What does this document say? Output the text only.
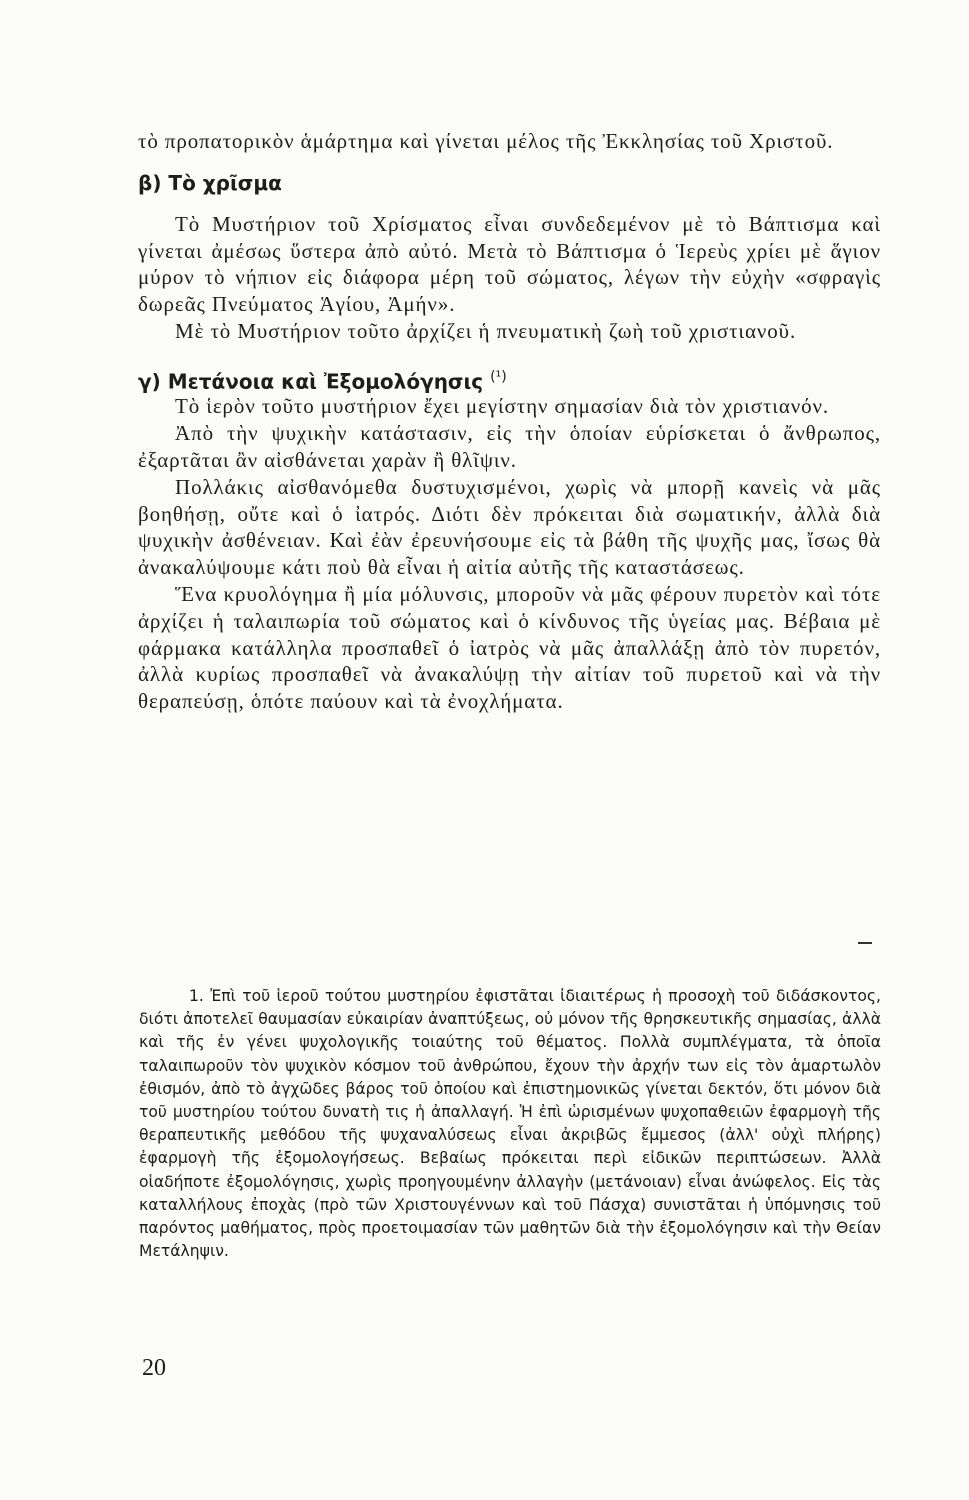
τὸ προπατορικὸν ἁμάρτημα καὶ γίνεται μέλος τῆς Ἐκκλησίας τοῦ Χριστοῦ.

β) Τὸ χρῖσμα

Τὸ Μυστήριον τοῦ Χρίσματος εἶναι συνδεδεμένον μὲ τὸ Βάπτισμα καὶ γίνεται ἀμέσως ὕστερα ἀπὸ αὐτό. Μετὰ τὸ Βάπτισμα ὁ Ἱερεὺς χρίει μὲ ἅγιον μύρον τὸ νήπιον εἰς διάφορα μέρη τοῦ σώματος, λέγων τὴν εὐχὴν «σφραγὶς δωρεᾶς Πνεύματος Ἁγίου, Ἀμήν».

Μὲ τὸ Μυστήριον τοῦτο ἀρχίζει ἡ πνευματικὴ ζωὴ τοῦ χριστιανοῦ.

γ) Μετάνοια καὶ Ἐξομολόγησις $^{(^1)}$

Τὸ ἱερὸν τοῦτο μυστήριον ἔχει μεγίστην σημασίαν διὰ τὸν χριστιανόν.

Ἀπὸ τὴν ψυχικὴν κατάστασιν, εἰς τὴν ὁποίαν εὑρίσκεται ὁ ἄνθρωπος, ἐξαρτᾶται ἂν αἰσθάνεται χαρὰν ἢ θλῖψιν.

Πολλάκις αἰσθανόμεθα δυστυχισμένοι, χωρὶς νὰ μπορῇ κανεὶς νὰ μᾶς βοηθήσῃ, οὔτε καὶ ὁ ἰατρός. Διότι δὲν πρόκειται διὰ σωματικήν, ἀλλὰ διὰ ψυχικὴν ἀσθένειαν. Καὶ ἐὰν ἐρευνήσουμε εἰς τὰ βάθη τῆς ψυχῆς μας, ἴσως θὰ ἀνακαλύψουμε κάτι ποὺ θὰ εἶναι ἡ αἰτία αὐτῆς τῆς καταστάσεως.

Ἕνα κρυολόγημα ἢ μία μόλυνσις, μποροῦν νὰ μᾶς φέρουν πυρετὸν καὶ τότε ἀρχίζει ἡ ταλαιπωρία τοῦ σώματος καὶ ὁ κίνδυνος τῆς ὑγείας μας. Βέβαια μὲ φάρμακα κατάλληλα προσπαθεῖ ὁ ἰατρὸς νὰ μᾶς ἀπαλλάξῃ ἀπὸ τὸν πυρετόν, ἀλλὰ κυρίως προσπαθεῖ νὰ ἀνακαλύψῃ τὴν αἰτίαν τοῦ πυρετοῦ καὶ νὰ τὴν θεραπεύσῃ, ὁπότε παύουν καὶ τὰ ἐνοχλήματα.

1. Ἐπὶ τοῦ ἱεροῦ τούτου μυστηρίου ἐφιστᾶται ἰδιαιτέρως ἡ προσοχὴ τοῦ διδάσκοντος, διότι ἀποτελεῖ θαυμασίαν εὐκαιρίαν ἀναπτύξεως, οὐ μόνον τῆς θρησκευτικῆς σημασίας, ἀλλὰ καὶ τῆς ἐν γένει ψυχολογικῆς τοιαύτης τοῦ θέματος. Πολλὰ συμπλέγματα, τὰ ὁποῖα ταλαιπωροῦν τὸν ψυχικὸν κόσμον τοῦ ἀνθρώπου, ἔχουν τὴν ἀρχήν των εἰς τὸν ἁμαρτωλὸν ἐθισμόν, ἀπὸ τὸ ἀγχῶδες βάρος τοῦ ὁποίου καὶ ἐπιστημονικῶς γίνεται δεκτόν, ὅτι μόνον διὰ τοῦ μυστηρίου τούτου δυνατὴ τις ἡ ἀπαλλαγή. Ἡ ἐπὶ ὡρισμένων ψυχοπαθειῶν ἐφαρμογὴ τῆς θεραπευτικῆς μεθόδου τῆς ψυχαναλύσεως εἶναι ἀκριβῶς ἔμμεσος (ἀλλ' οὐχὶ πλήρης) ἐφαρμογὴ τῆς ἐξομολογήσεως. Βεβαίως πρόκειται περὶ εἰδικῶν περιπτώσεων. Ἀλλὰ οἱαδήποτε ἐξομολόγησις, χωρὶς προηγουμένην ἀλλαγὴν (μετάνοιαν) εἶναι ἀνώφελος. Εἰς τὰς καταλλήλους ἐποχὰς (πρὸ τῶν Χριστουγέννων καὶ τοῦ Πάσχα) συνιστᾶται ἡ ὑπόμνησις τοῦ παρόντος μαθήματος, πρὸς προετοιμασίαν τῶν μαθητῶν διὰ τὴν ἐξομολόγησιν καὶ τὴν Θείαν Μετάληψιν.

20
